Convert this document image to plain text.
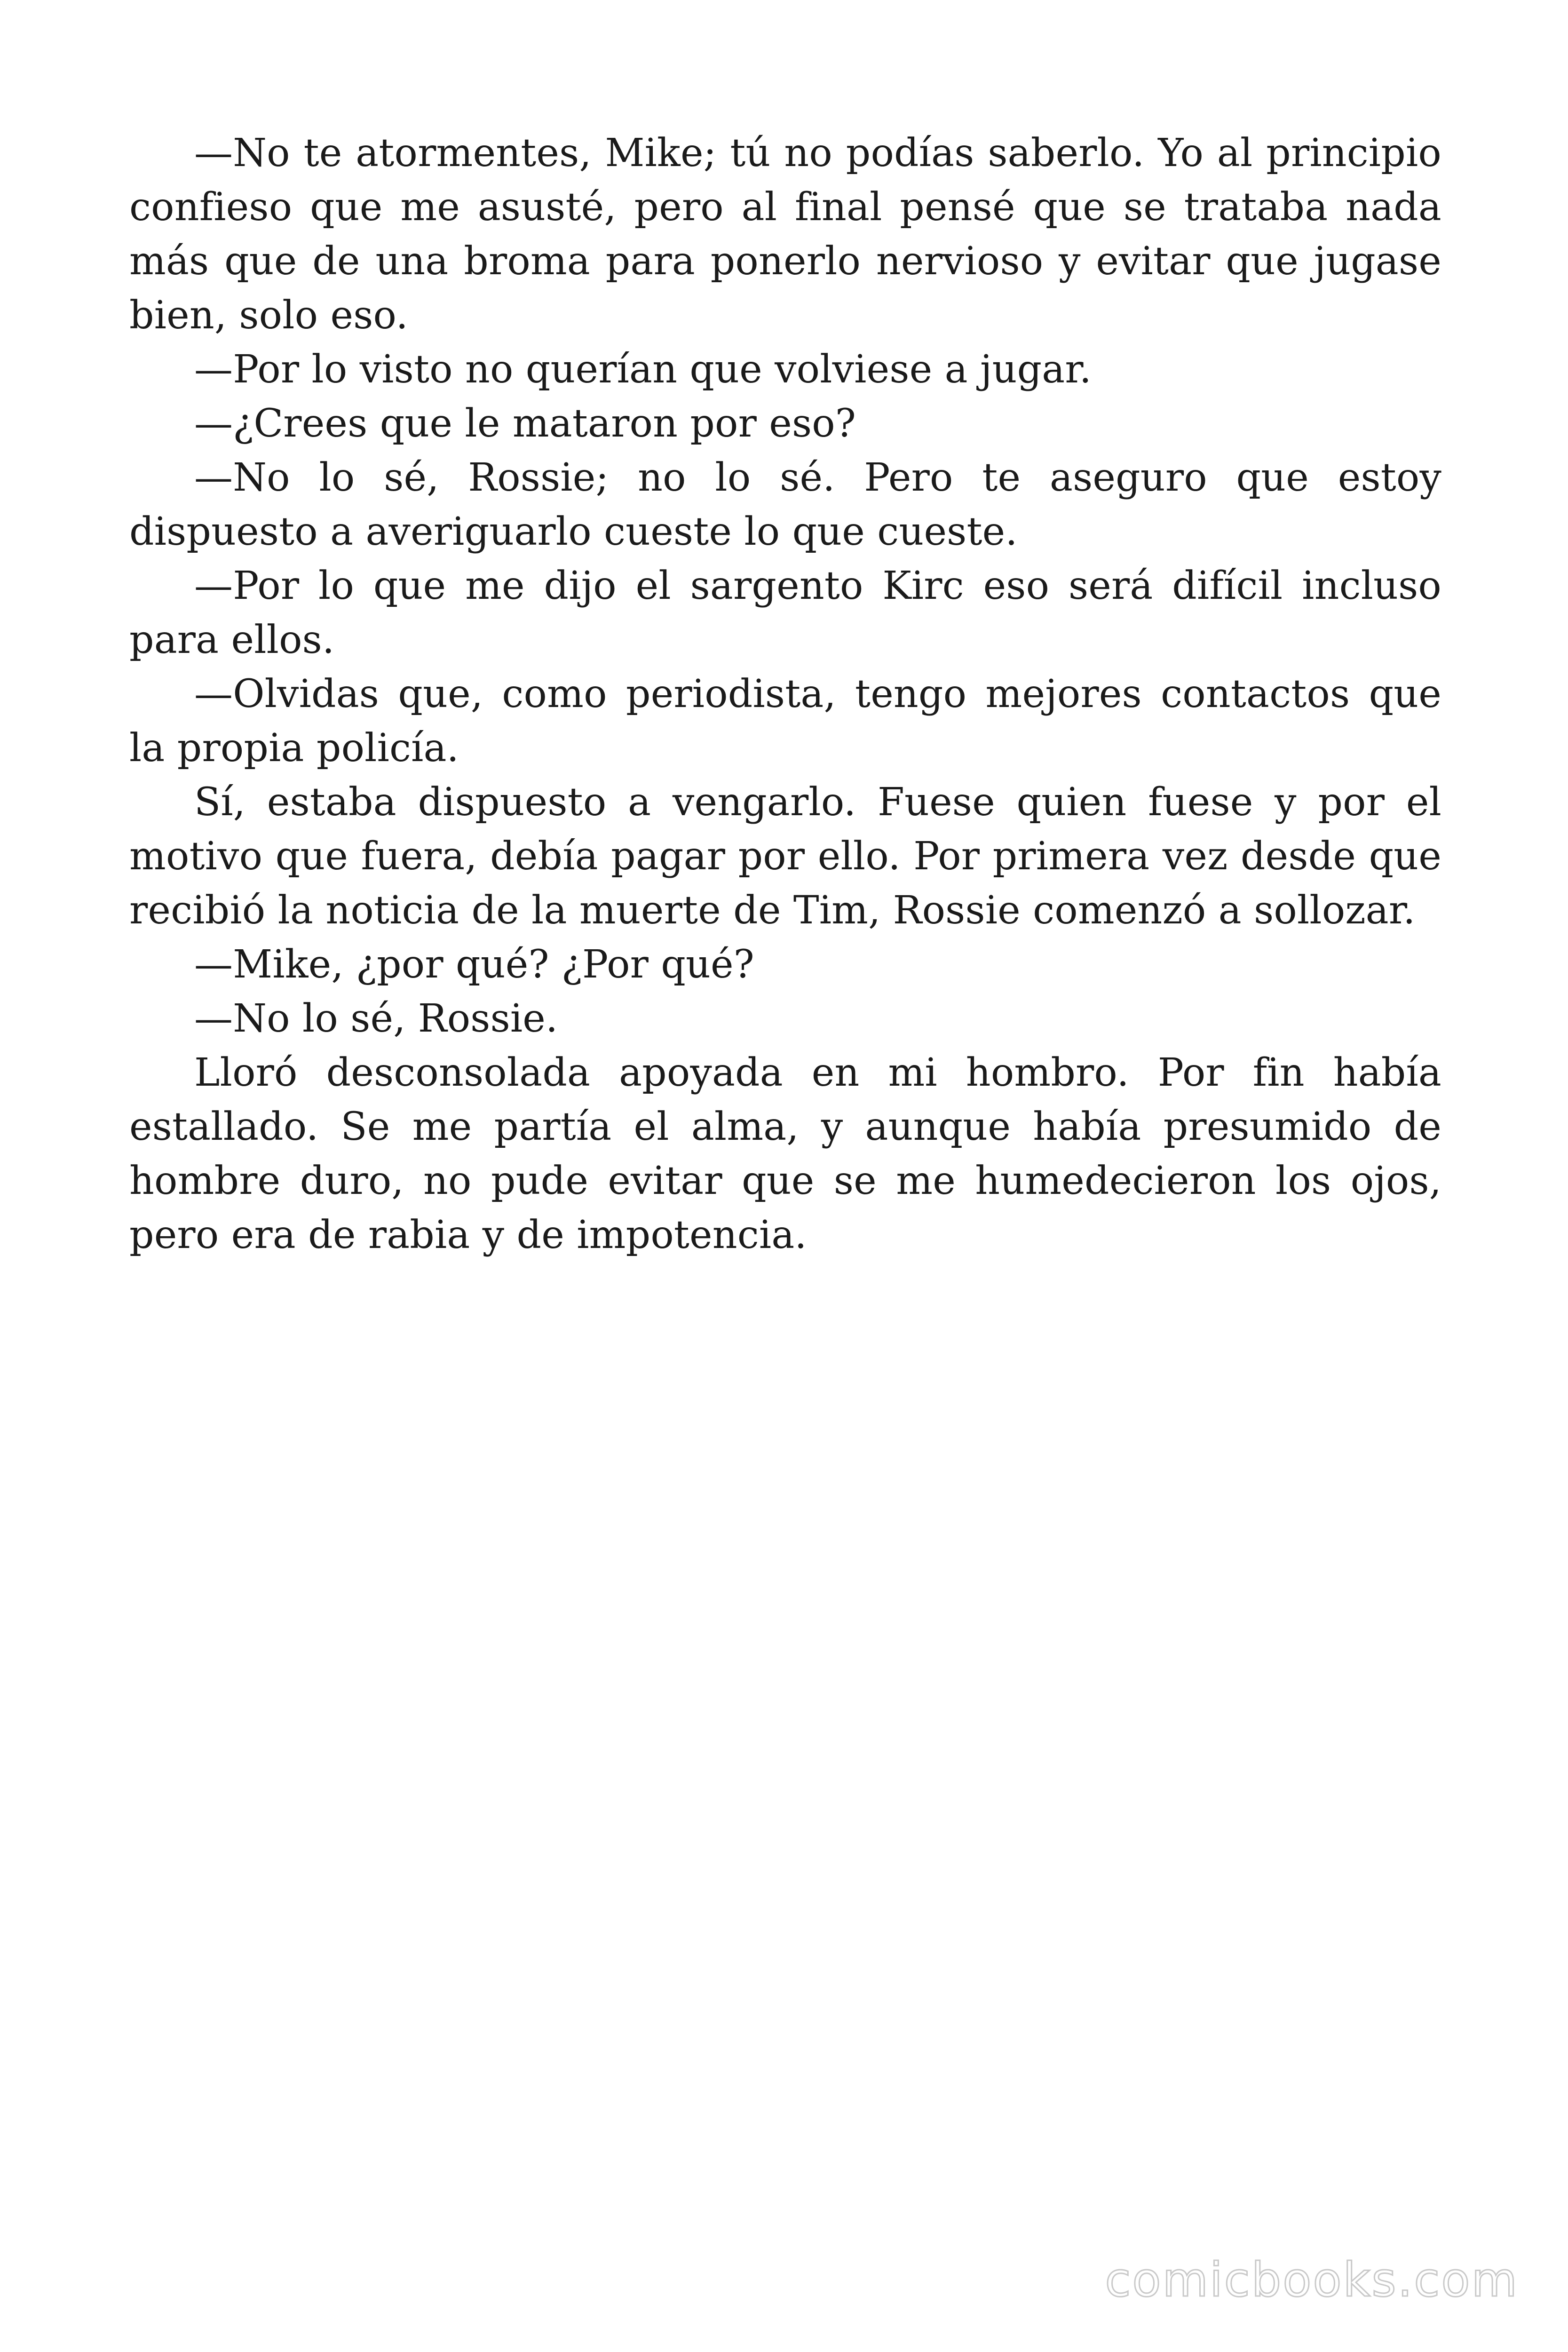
—No te atormentes, Mike; tú no podías saberlo. Yo al principio confieso que me asusté, pero al final pensé que se trataba nada más que de una broma para ponerlo nervioso y evitar que jugase bien, solo eso.

—Por lo visto no querían que volviese a jugar.

—¿Crees que le mataron por eso?

—No lo sé, Rossie; no lo sé. Pero te aseguro que estoy dispuesto a averiguarlo cueste lo que cueste.

—Por lo que me dijo el sargento Kirc eso será difícil incluso para ellos.

—Olvidas que, como periodista, tengo mejores contactos que la propia policía.

Sí, estaba dispuesto a vengarlo. Fuese quien fuese y por el motivo que fuera, debía pagar por ello. Por primera vez desde que recibió la noticia de la muerte de Tim, Rossie comenzó a sollozar.

—Mike, ¿por qué? ¿Por qué?

—No lo sé, Rossie.

Lloró desconsolada apoyada en mi hombro. Por fin había estallado. Se me partía el alma, y aunque había presumido de hombre duro, no pude evitar que se me humedecieron los ojos, pero era de rabia y de impotencia.

comicbooks.com
